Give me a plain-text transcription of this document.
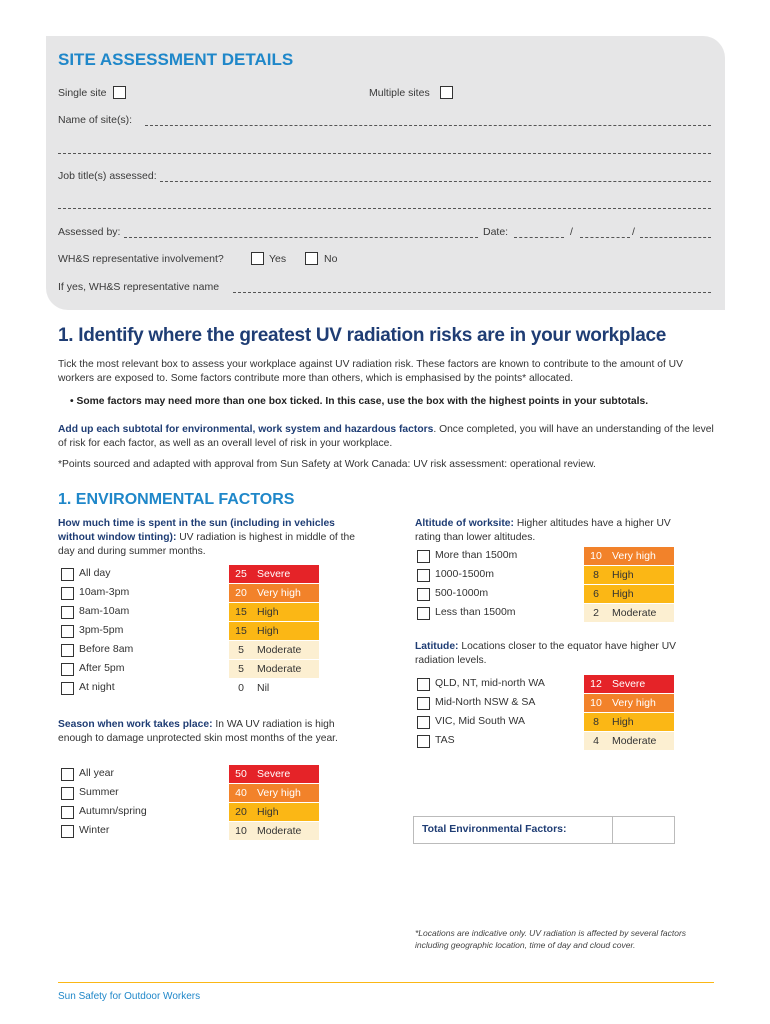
SITE ASSESSMENT DETAILS
Single site	Multiple sites
Name of site(s):
Job title(s) assessed:
Assessed by:	Date:	/	/
WH&S representative involvement?	Yes	No
If yes, WH&S representative name
1. Identify where the greatest UV radiation risks are in your workplace
Tick the most relevant box to assess your workplace against UV radiation risk. These factors are known to contribute to the amount of UV workers are exposed to. Some factors contribute more than others, which is emphasised by the points* allocated.
• Some factors may need more than one box ticked. In this case, use the box with the highest points in your subtotals.
Add up each subtotal for environmental, work system and hazardous factors. Once completed, you will have an understanding of the level of risk for each factor, as well as an overall level of risk in your workplace.
*Points sourced and adapted with approval from Sun Safety at Work Canada: UV risk assessment: operational review.
1. ENVIRONMENTAL FACTORS
How much time is spent in the sun (including in vehicles without window tinting): UV radiation is highest in middle of the day and during summer months.
All day	25 Severe
10am-3pm	20 Very high
8am-10am	15 High
3pm-5pm	15 High
Before 8am	5 Moderate
After 5pm	5 Moderate
At night	0 Nil
Season when work takes place: In WA UV radiation is high enough to damage unprotected skin most months of the year.
All year	50 Severe
Summer	40 Very high
Autumn/spring	20 High
Winter	10 Moderate
Altitude of worksite: Higher altitudes have a higher UV rating than lower altitudes.
More than 1500m	10 Very high
1000-1500m	8 High
500-1000m	6 High
Less than 1500m	2 Moderate
Latitude: Locations closer to the equator have higher UV radiation levels.
QLD, NT, mid-north WA	12 Severe
Mid-North NSW & SA	10 Very high
VIC, Mid South WA	8 High
TAS	4 Moderate
Total Environmental Factors:
*Locations are indicative only. UV radiation is affected by several factors including geographic location, time of day and cloud cover.
Sun Safety for Outdoor Workers
